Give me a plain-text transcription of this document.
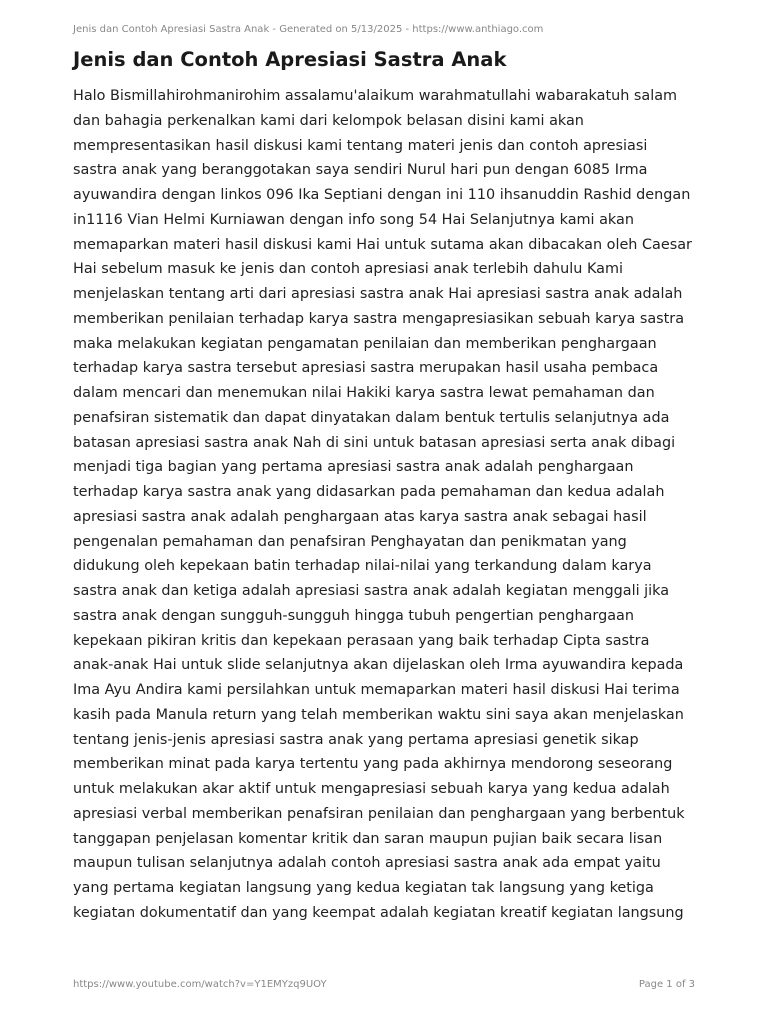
Jenis dan Contoh Apresiasi Sastra Anak - Generated on 5/13/2025 - https://www.anthiago.com
Jenis dan Contoh Apresiasi Sastra Anak
Halo Bismillahirohmanirohim assalamu'alaikum warahmatullahi wabarakatuh salam
dan bahagia perkenalkan kami dari kelompok belasan disini kami akan
mempresentasikan hasil diskusi kami tentang materi jenis dan contoh apresiasi
sastra anak yang beranggotakan saya sendiri Nurul hari pun dengan 6085 Irma
ayuwandira dengan linkos 096 Ika Septiani dengan ini 110 ihsanuddin Rashid dengan
in1116 Vian Helmi Kurniawan dengan info song 54 Hai Selanjutnya kami akan
memaparkan materi hasil diskusi kami Hai untuk sutama akan dibacakan oleh Caesar
Hai sebelum masuk ke jenis dan contoh apresiasi anak terlebih dahulu Kami
menjelaskan tentang arti dari apresiasi sastra anak Hai apresiasi sastra anak adalah
memberikan penilaian terhadap karya sastra mengapresiasikan sebuah karya sastra
maka melakukan kegiatan pengamatan penilaian dan memberikan penghargaan
terhadap karya sastra tersebut apresiasi sastra merupakan hasil usaha pembaca
dalam mencari dan menemukan nilai Hakiki karya sastra lewat pemahaman dan
penafsiran sistematik dan dapat dinyatakan dalam bentuk tertulis selanjutnya ada
batasan apresiasi sastra anak Nah di sini untuk batasan apresiasi serta anak dibagi
menjadi tiga bagian yang pertama apresiasi sastra anak adalah penghargaan
terhadap karya sastra anak yang didasarkan pada pemahaman dan kedua adalah
apresiasi sastra anak adalah penghargaan atas karya sastra anak sebagai hasil
pengenalan pemahaman dan penafsiran Penghayatan dan penikmatan yang
didukung oleh kepekaan batin terhadap nilai-nilai yang terkandung dalam karya
sastra anak dan ketiga adalah apresiasi sastra anak adalah kegiatan menggali jika
sastra anak dengan sungguh-sungguh hingga tubuh pengertian penghargaan
kepekaan pikiran kritis dan kepekaan perasaan yang baik terhadap Cipta sastra
anak-anak Hai untuk slide selanjutnya akan dijelaskan oleh Irma ayuwandira kepada
Ima Ayu Andira kami persilahkan untuk memaparkan materi hasil diskusi Hai terima
kasih pada Manula return yang telah memberikan waktu sini saya akan menjelaskan
tentang jenis-jenis apresiasi sastra anak yang pertama apresiasi genetik sikap
memberikan minat pada karya tertentu yang pada akhirnya mendorong seseorang
untuk melakukan akar aktif untuk mengapresiasi sebuah karya yang kedua adalah
apresiasi verbal memberikan penafsiran penilaian dan penghargaan yang berbentuk
tanggapan penjelasan komentar kritik dan saran maupun pujian baik secara lisan
maupun tulisan selanjutnya adalah contoh apresiasi sastra anak ada empat yaitu
yang pertama kegiatan langsung yang kedua kegiatan tak langsung yang ketiga
kegiatan dokumentatif dan yang keempat adalah kegiatan kreatif kegiatan langsung
https://www.youtube.com/watch?v=Y1EMYzq9UOY	Page 1 of 3
